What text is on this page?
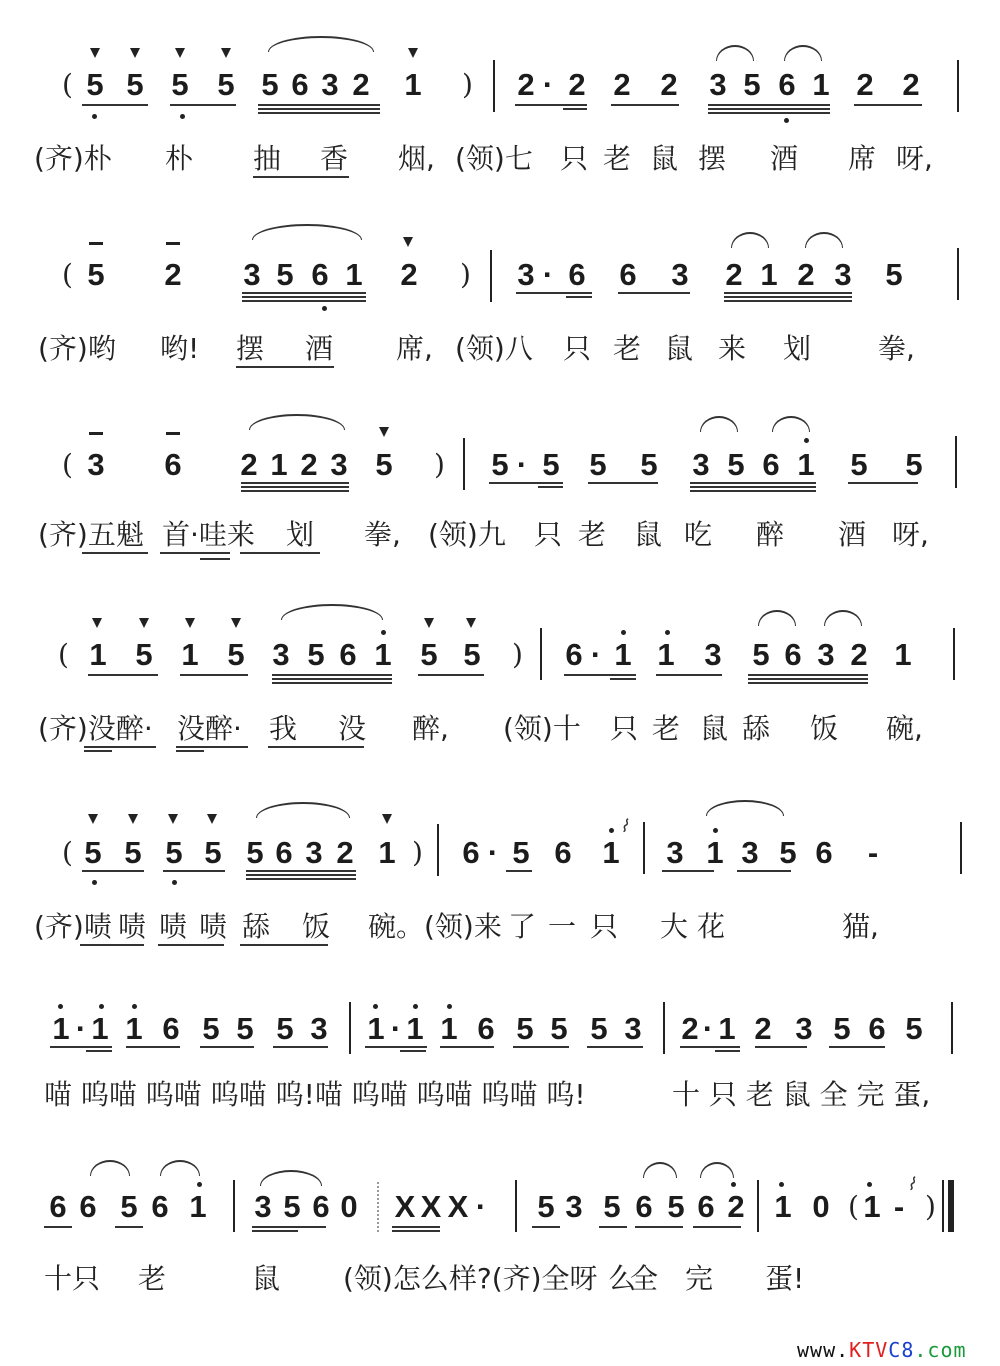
( 5 5 5 5 5 6 3 2 1 ) 2 · 2 2 2 3 5 6 1 2 2
(齐)朴 朴 抽 香 烟, (领)七 只 老 鼠 摆 酒 席 呀,
( 5 2 3 5 6 1 2 ) 3 · 6 6 3 2 1 2 3 5
(齐)哟 哟! 摆 酒 席, (领)八 只 老 鼠 来 划 拳,
( 3 6 2 1 2 3 5 ) 5 · 5 5 5 3 5 6 1 5 5
(齐)五 魁 首·哇来 划 拳, (领)九 只 老 鼠 吃 醉 酒 呀,
( 1 5 1 5 3 5 6 1 5 5 ) 6 · 1 1 3 5 6 3 2 1
(齐)没醉· 没醉· 我 没 醉, (领)十 只 老 鼠 舔 饭 碗,
( 5 5 5 5 5 6 3 2 1 ) 6 · 5 6 1
⌇
3 1 3 5 6 -
(齐)啧 啧 啧 啧 舔 饭 碗。(领)来 了 一 只 大 花	猫,
1 · 1 1 6 5 5 5 3 1 · 1 1 6 5 5 5 3 2 · 1 2 3 5 6 5
喵 呜喵 呜喵 呜喵 呜!喵 呜喵 呜喵 呜喵 呜!	十 只 老 鼠 全 完 蛋,
6 6 5 6 1 3 5 6 0 X X X · 5 3 5 6 5 6 2 1 0 ( 1 -
⌇
)
十只 老	鼠 (领)怎么样?(齐)全呀 么
全 完 蛋!
www.KTVC8.com
